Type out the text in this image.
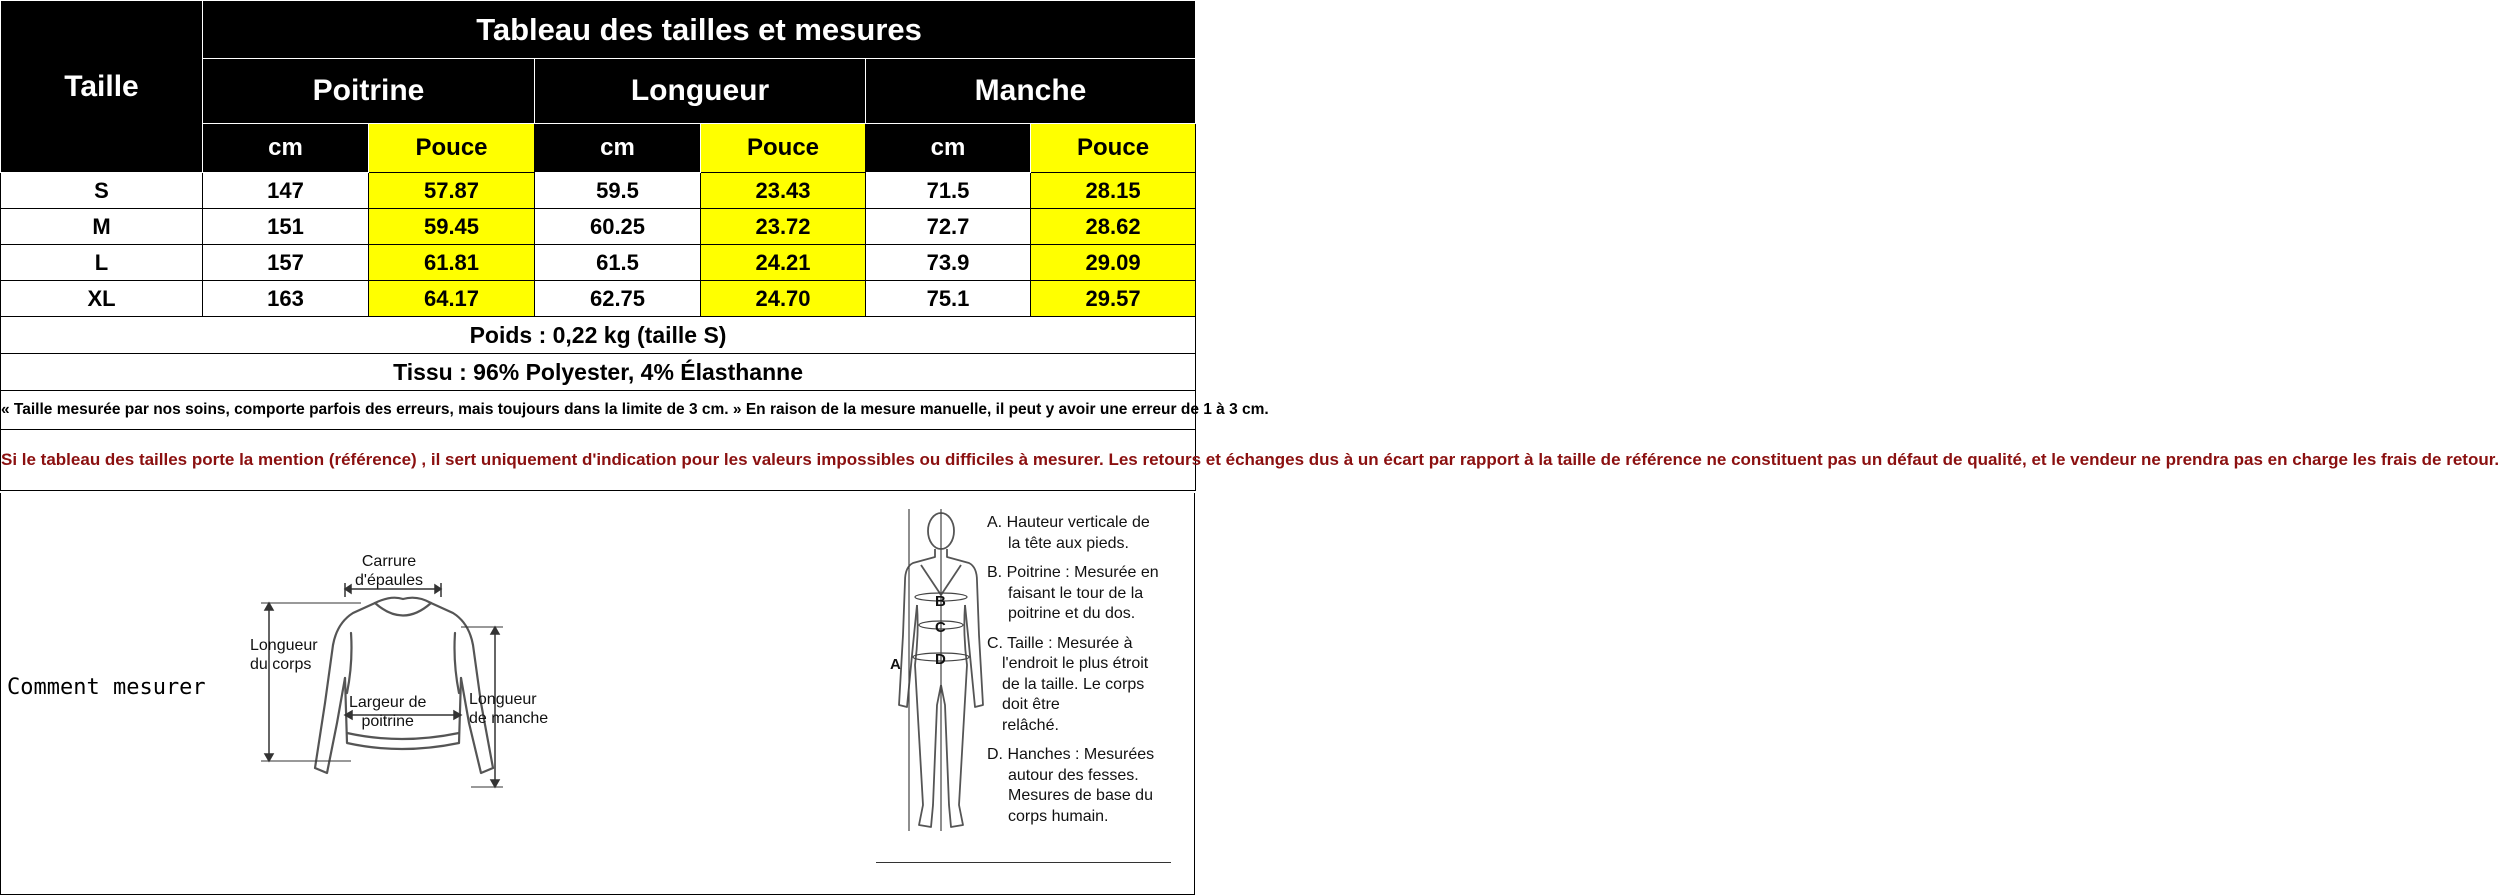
Taille	Tableau des tailles et mesures					
	Poitrine		Longueur		Manche	
	cm	Pouce	cm	Pouce	cm	Pouce
S	147	57.87	59.5	23.43	71.5	28.15
M	151	59.45	60.25	23.72	72.7	28.62
L	157	61.81	61.5	24.21	73.9	29.09
XL	163	64.17	62.75	24.70	75.1	29.57
Poids : 0,22 kg (taille S)						
Tissu : 96% Polyester, 4% Élasthanne						
« Taille mesurée par nos soins, comporte parfois des erreurs, mais toujours dans la limite de 3 cm. » En raison de la mesure manuelle, il peut y avoir une erreur de 1 à 3 cm.						
Si le tableau des tailles porte la mention (référence) , il sert uniquement d'indication pour les valeurs impossibles ou difficiles à mesurer. Les retours et échanges dus à un écart par rapport à la taille de référence ne constituent pas un défaut de qualité, et le vendeur ne prendra pas en charge les frais de retour.						
Comment mesurer
Carrure
d'épaules
Longueur
du corps
Largeur de
poitrine
Longueur
de manche
A
B
C
D

A. Hauteur verticale de
la tête aux pieds.

B. Poitrine : Mesurée en
faisant le tour de la
poitrine et du dos.

C. Taille : Mesurée à
l'endroit le plus étroit
de la taille. Le corps
doit être
relâché.

D. Hanches : Mesurées
autour des fesses.
Mesures de base du
corps humain.
